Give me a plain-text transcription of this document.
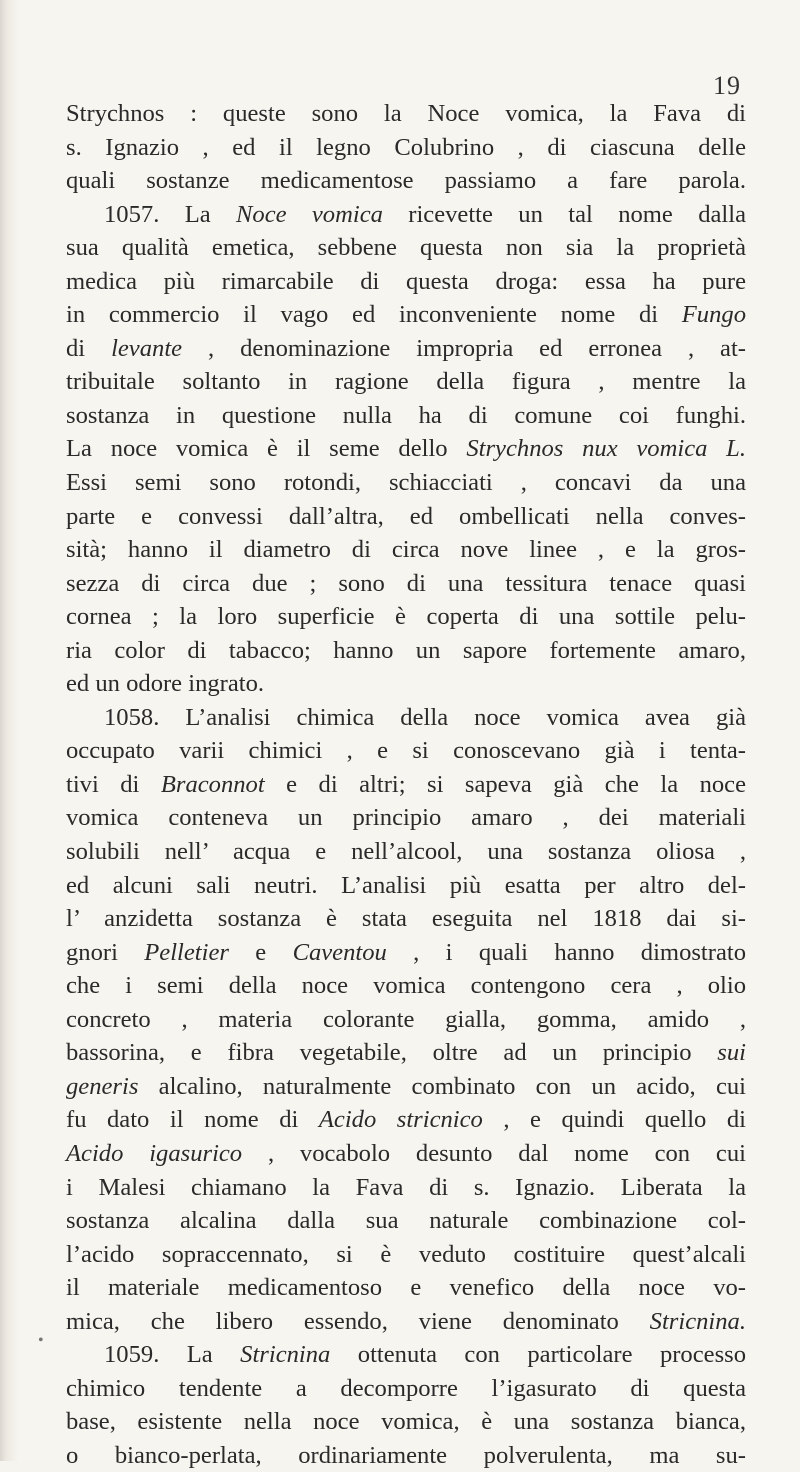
19
Strychnos : queste sono la Noce vomica, la Fava di
s. Ignazio , ed il legno Colubrino , di ciascuna delle
quali sostanze medicamentose passiamo a fare parola.
1057. La Noce vomica ricevette un tal nome dalla
sua qualità emetica, sebbene questa non sia la proprietà
medica più rimarcabile di questa droga: essa ha pure
in commercio il vago ed inconveniente nome di Fungo
di levante , denominazione impropria ed erronea , at-
tribuitale soltanto in ragione della figura , mentre la
sostanza in questione nulla ha di comune coi funghi.
La noce vomica è il seme dello Strychnos nux vomica L.
Essi semi sono rotondi, schiacciati , concavi da una
parte e convessi dall’altra, ed ombellicati nella conves-
sità; hanno il diametro di circa nove linee , e la gros-
sezza di circa due ; sono di una tessitura tenace quasi
cornea ; la loro superficie è coperta di una sottile pelu-
ria color di tabacco; hanno un sapore fortemente amaro,
ed un odore ingrato.
1058. L’analisi chimica della noce vomica avea già
occupato varii chimici , e si conoscevano già i tenta-
tivi di Braconnot e di altri; si sapeva già che la noce
vomica conteneva un principio amaro , dei materiali
solubili nell’ acqua e nell’alcool, una sostanza oliosa ,
ed alcuni sali neutri. L’analisi più esatta per altro del-
l’ anzidetta sostanza è stata eseguita nel 1818 dai si-
gnori Pelletier e Caventou , i quali hanno dimostrato
che i semi della noce vomica contengono cera , olio
concreto , materia colorante gialla, gomma, amido ,
bassorina, e fibra vegetabile, oltre ad un principio sui
generis alcalino, naturalmente combinato con un acido, cui
fu dato il nome di Acido stricnico , e quindi quello di
Acido igasurico , vocabolo desunto dal nome con cui
i Malesi chiamano la Fava di s. Ignazio. Liberata la
sostanza alcalina dalla sua naturale combinazione col-
l’acido sopraccennato, si è veduto costituire quest’alcali
il materiale medicamentoso e venefico della noce vo-
mica, che libero essendo, viene denominato Stricnina.
1059. La Stricnina ottenuta con particolare processo
chimico tendente a decomporre l’igasurato di questa
base, esistente nella noce vomica, è una sostanza bianca,
o bianco-perlata, ordinariamente polverulenta, ma su-
•
